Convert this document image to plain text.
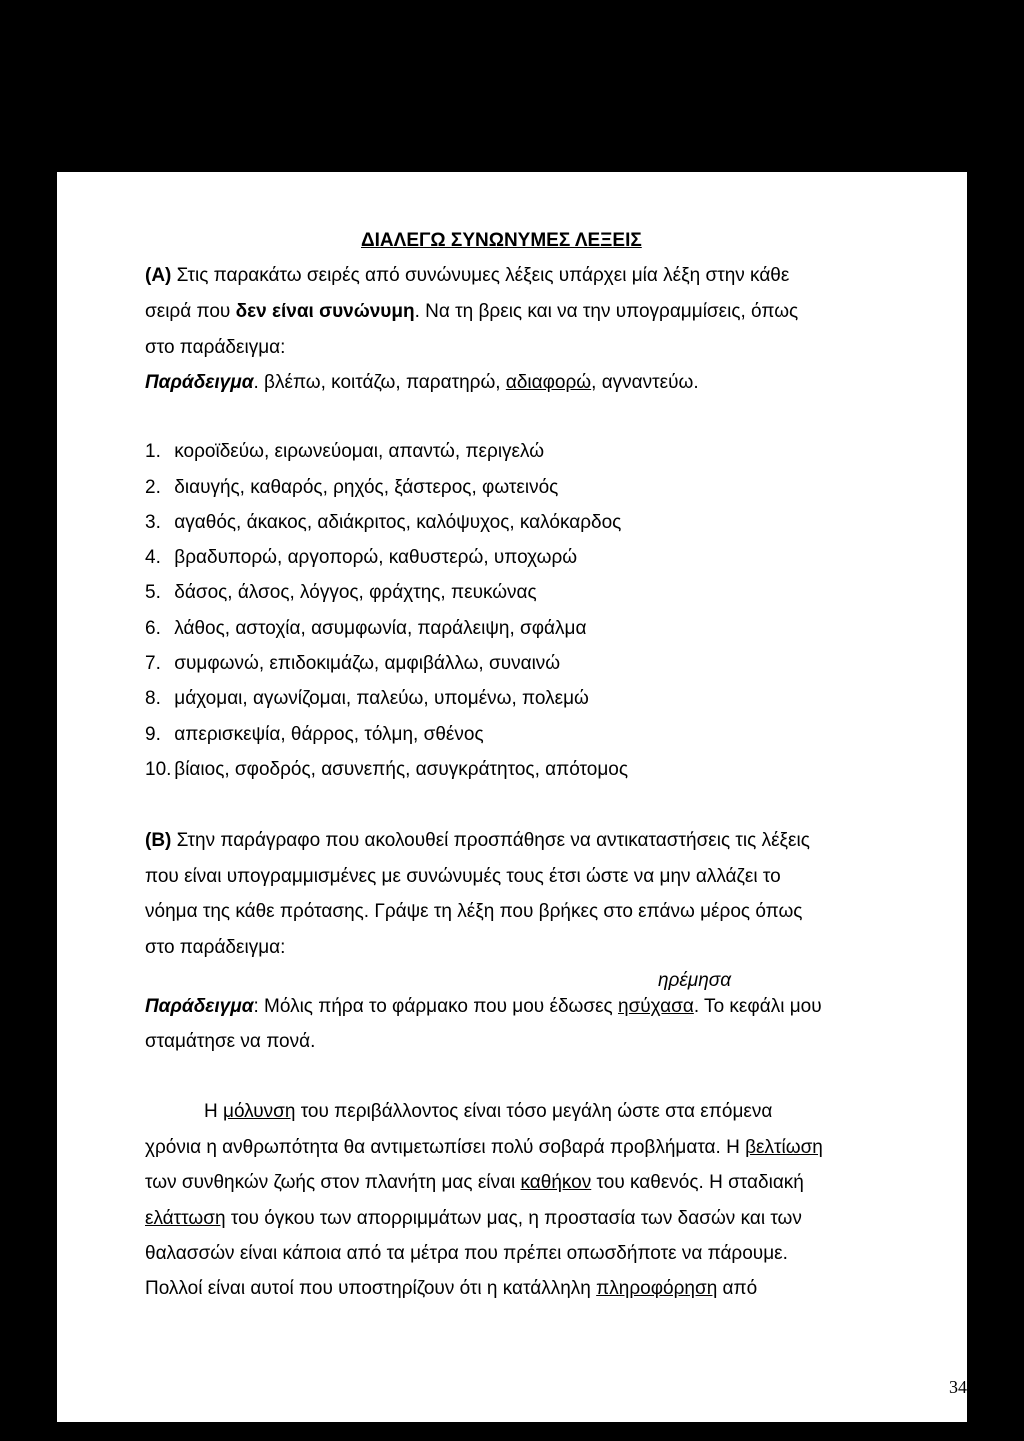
ΔΙΑΛΕΓΩ ΣΥΝΩΝΥΜΕΣ ΛΕΞΕΙΣ
(Α) Στις παρακάτω σειρές από συνώνυμες λέξεις υπάρχει μία λέξη στην κάθε
σειρά που δεν είναι συνώνυμη. Να τη βρεις και να την υπογραμμίσεις, όπως
στο παράδειγμα:
Παράδειγμα. βλέπω, κοιτάζω, παρατηρώ, αδιαφορώ, αγναντεύω.
1. κοροϊδεύω, ειρωνεύομαι, απαντώ, περιγελώ
2. διαυγής, καθαρός, ρηχός, ξάστερος, φωτεινός
3. αγαθός, άκακος, αδιάκριτος, καλόψυχος, καλόκαρδος
4. βραδυπορώ, αργοπορώ, καθυστερώ, υποχωρώ
5. δάσος, άλσος, λόγγος, φράχτης, πευκώνας
6. λάθος, αστοχία, ασυμφωνία, παράλειψη, σφάλμα
7. συμφωνώ, επιδοκιμάζω, αμφιβάλλω, συναινώ
8. μάχομαι, αγωνίζομαι, παλεύω, υπομένω, πολεμώ
9. απερισκεψία, θάρρος, τόλμη, σθένος
10. βίαιος, σφοδρός, ασυνεπής, ασυγκράτητος, απότομος
(Β) Στην παράγραφο που ακολουθεί προσπάθησε να αντικαταστήσεις τις λέξεις
που είναι υπογραμμισμένες με συνώνυμές τους έτσι ώστε να μην αλλάζει το
νόημα της κάθε πρότασης. Γράψε τη λέξη που βρήκες στο επάνω μέρος όπως
στο παράδειγμα:
ηρέμησα
Παράδειγμα: Μόλις πήρα το φάρμακο που μου έδωσες ησύχασα. Το κεφάλι μου
σταμάτησε να πονά.
Η μόλυνση του περιβάλλοντος είναι τόσο μεγάλη ώστε στα επόμενα
χρόνια η ανθρωπότητα θα αντιμετωπίσει πολύ σοβαρά προβλήματα. Η βελτίωση
των συνθηκών ζωής στον πλανήτη μας είναι καθήκον του καθενός. Η σταδιακή
ελάττωση του όγκου των απορριμμάτων μας, η προστασία των δασών και των
θαλασσών είναι κάποια από τα μέτρα που πρέπει οπωσδήποτε να πάρουμε.
Πολλοί είναι αυτοί που υποστηρίζουν ότι η κατάλληλη πληροφόρηση από
34
